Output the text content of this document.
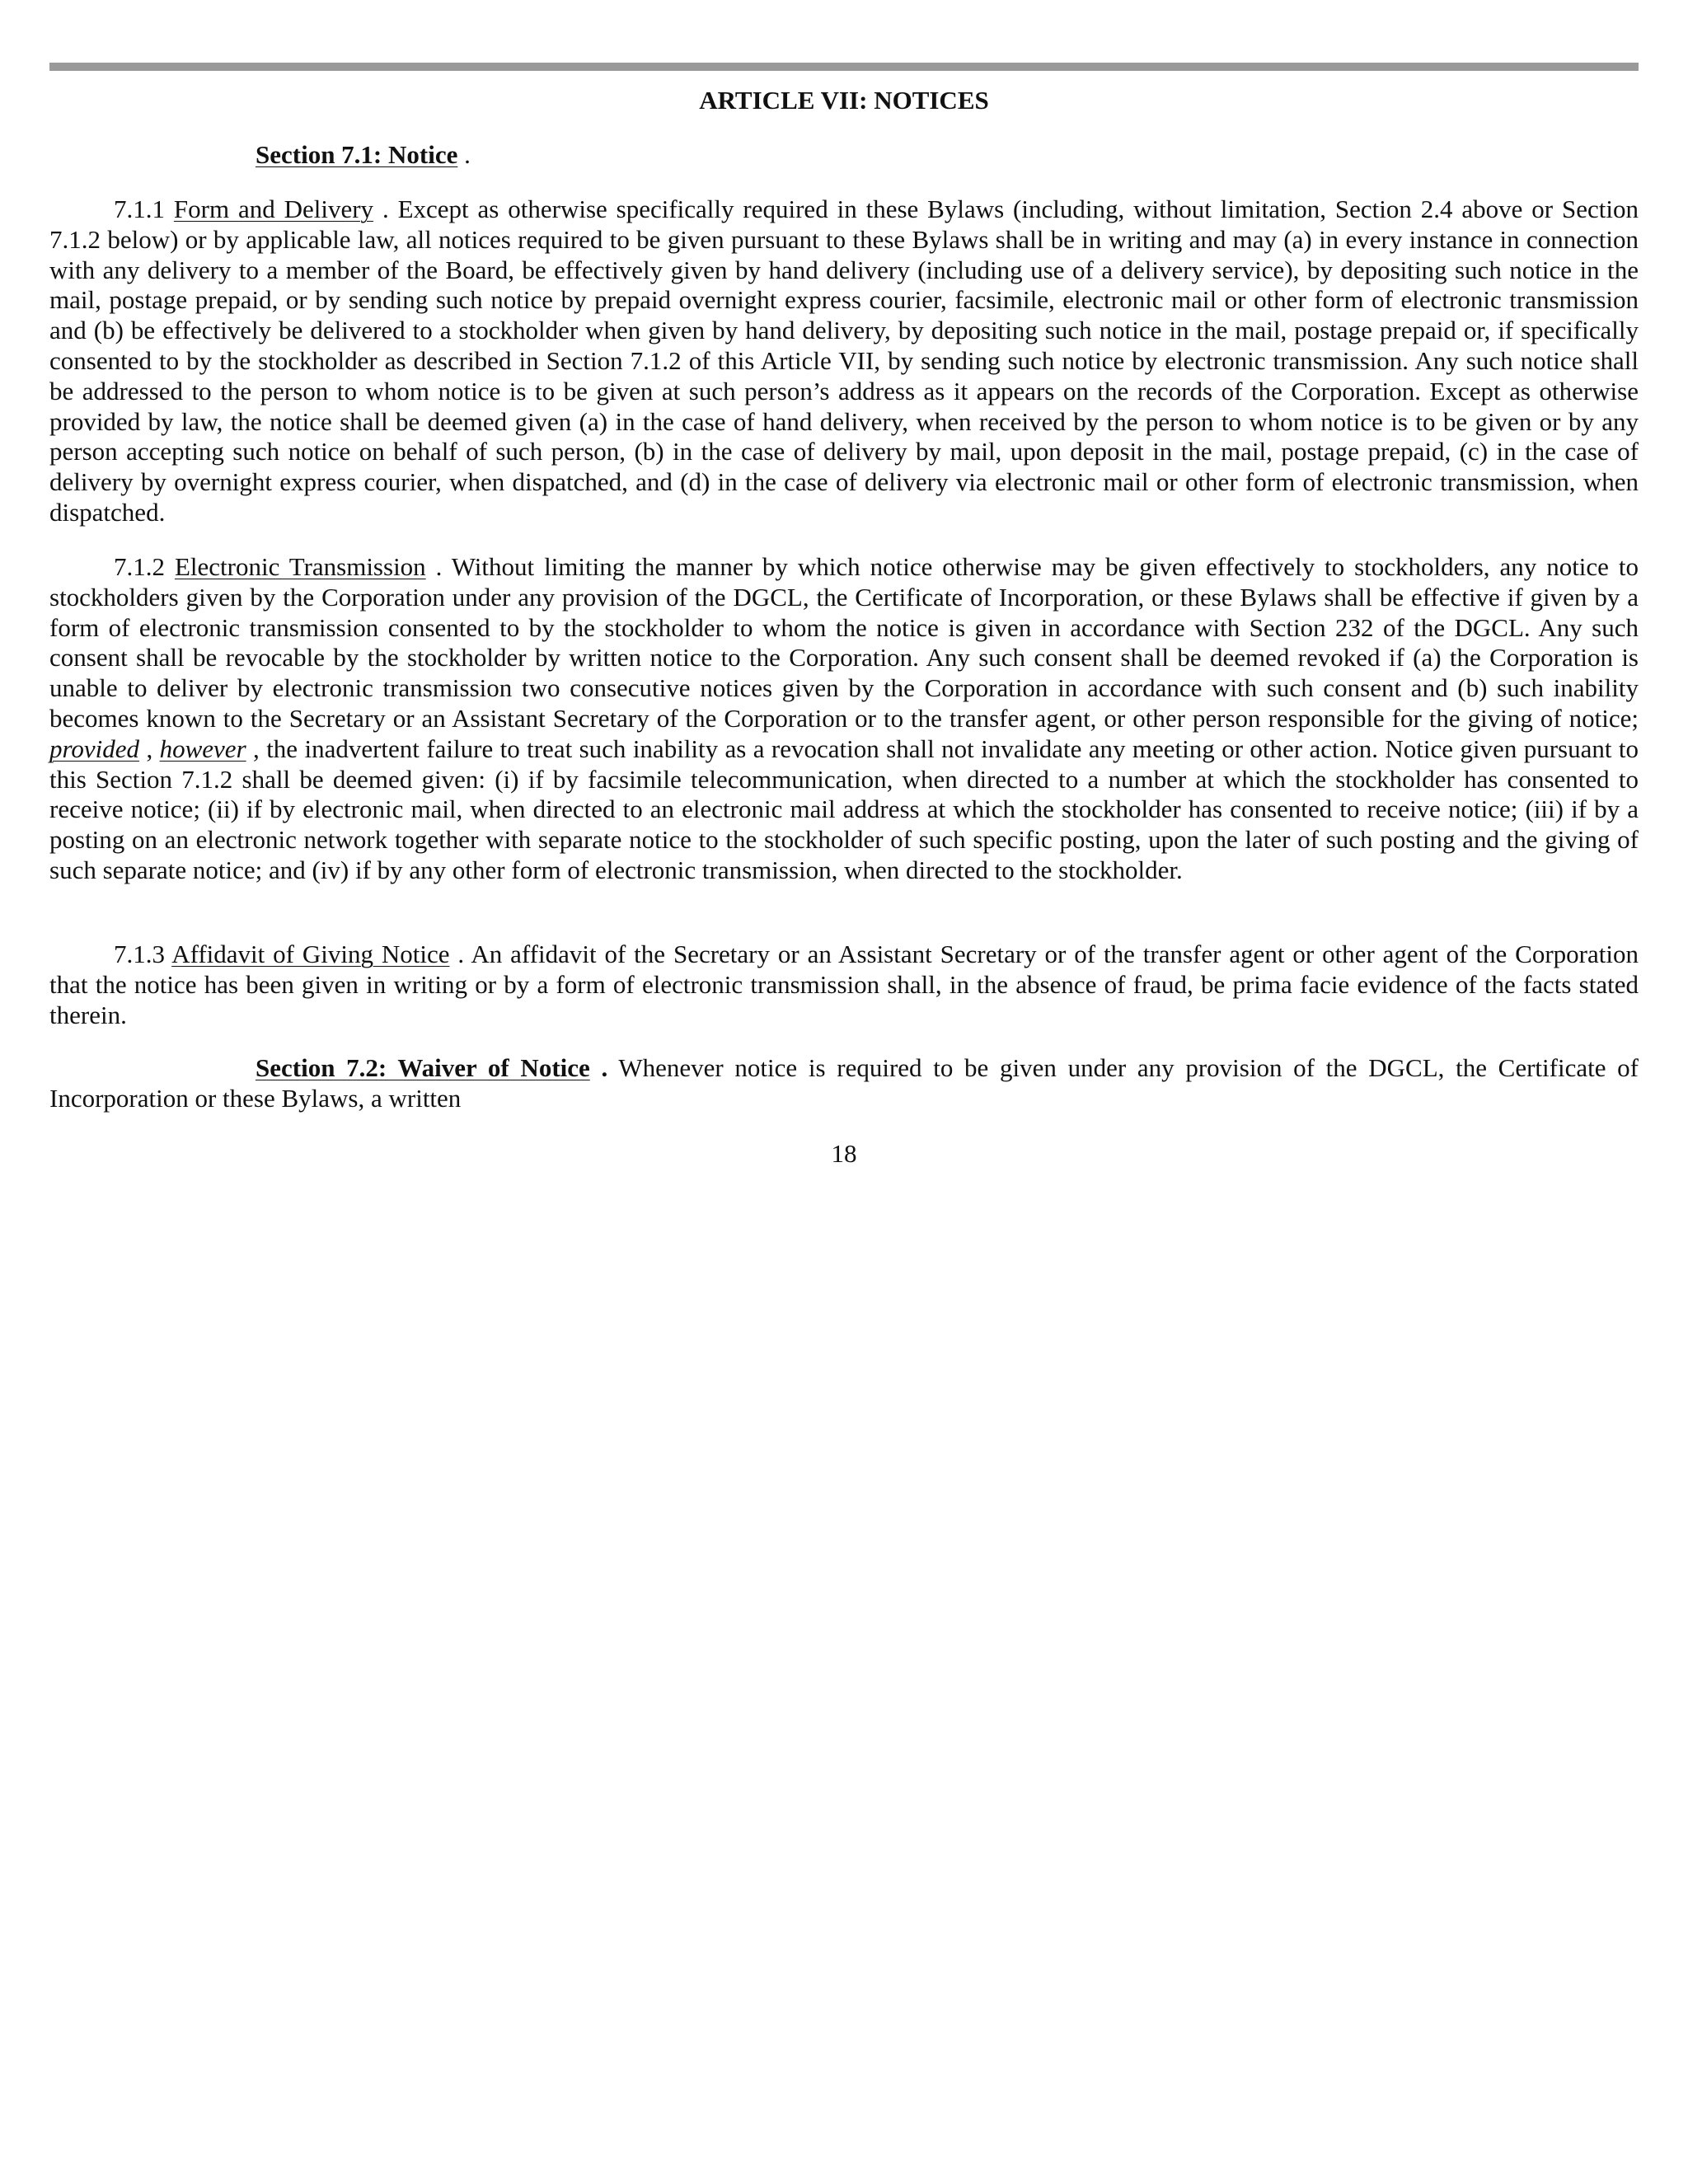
ARTICLE VII: NOTICES

Section 7.1: Notice .

7.1.1 Form and Delivery . Except as otherwise specifically required in these Bylaws (including, without limitation, Section 2.4 above or Section 7.1.2 below) or by applicable law, all notices required to be given pursuant to these Bylaws shall be in writing and may (a) in every instance in connection with any delivery to a member of the Board, be effectively given by hand delivery (including use of a delivery service), by depositing such notice in the mail, postage prepaid, or by sending such notice by prepaid overnight express courier, facsimile, electronic mail or other form of electronic transmission and (b) be effectively be delivered to a stockholder when given by hand delivery, by depositing such notice in the mail, postage prepaid or, if specifically consented to by the stockholder as described in Section 7.1.2 of this Article VII, by sending such notice by electronic transmission. Any such notice shall be addressed to the person to whom notice is to be given at such person’s address as it appears on the records of the Corporation. Except as otherwise provided by law, the notice shall be deemed given (a) in the case of hand delivery, when received by the person to whom notice is to be given or by any person accepting such notice on behalf of such person, (b) in the case of delivery by mail, upon deposit in the mail, postage prepaid, (c) in the case of delivery by overnight express courier, when dispatched, and (d) in the case of delivery via electronic mail or other form of electronic transmission, when dispatched.

7.1.2 Electronic Transmission . Without limiting the manner by which notice otherwise may be given effectively to stockholders, any notice to stockholders given by the Corporation under any provision of the DGCL, the Certificate of Incorporation, or these Bylaws shall be effective if given by a form of electronic transmission consented to by the stockholder to whom the notice is given in accordance with Section 232 of the DGCL. Any such consent shall be revocable by the stockholder by written notice to the Corporation. Any such consent shall be deemed revoked if (a) the Corporation is unable to deliver by electronic transmission two consecutive notices given by the Corporation in accordance with such consent and (b) such inability becomes known to the Secretary or an Assistant Secretary of the Corporation or to the transfer agent, or other person responsible for the giving of notice; provided , however , the inadvertent failure to treat such inability as a revocation shall not invalidate any meeting or other action. Notice given pursuant to this Section 7.1.2 shall be deemed given: (i) if by facsimile telecommunication, when directed to a number at which the stockholder has consented to receive notice; (ii) if by electronic mail, when directed to an electronic mail address at which the stockholder has consented to receive notice; (iii) if by a posting on an electronic network together with separate notice to the stockholder of such specific posting, upon the later of such posting and the giving of such separate notice; and (iv) if by any other form of electronic transmission, when directed to the stockholder.

7.1.3 Affidavit of Giving Notice . An affidavit of the Secretary or an Assistant Secretary or of the transfer agent or other agent of the Corporation that the notice has been given in writing or by a form of electronic transmission shall, in the absence of fraud, be prima facie evidence of the facts stated therein.

Section 7.2: Waiver of Notice . Whenever notice is required to be given under any provision of the DGCL, the Certificate of Incorporation or these Bylaws, a written

18
